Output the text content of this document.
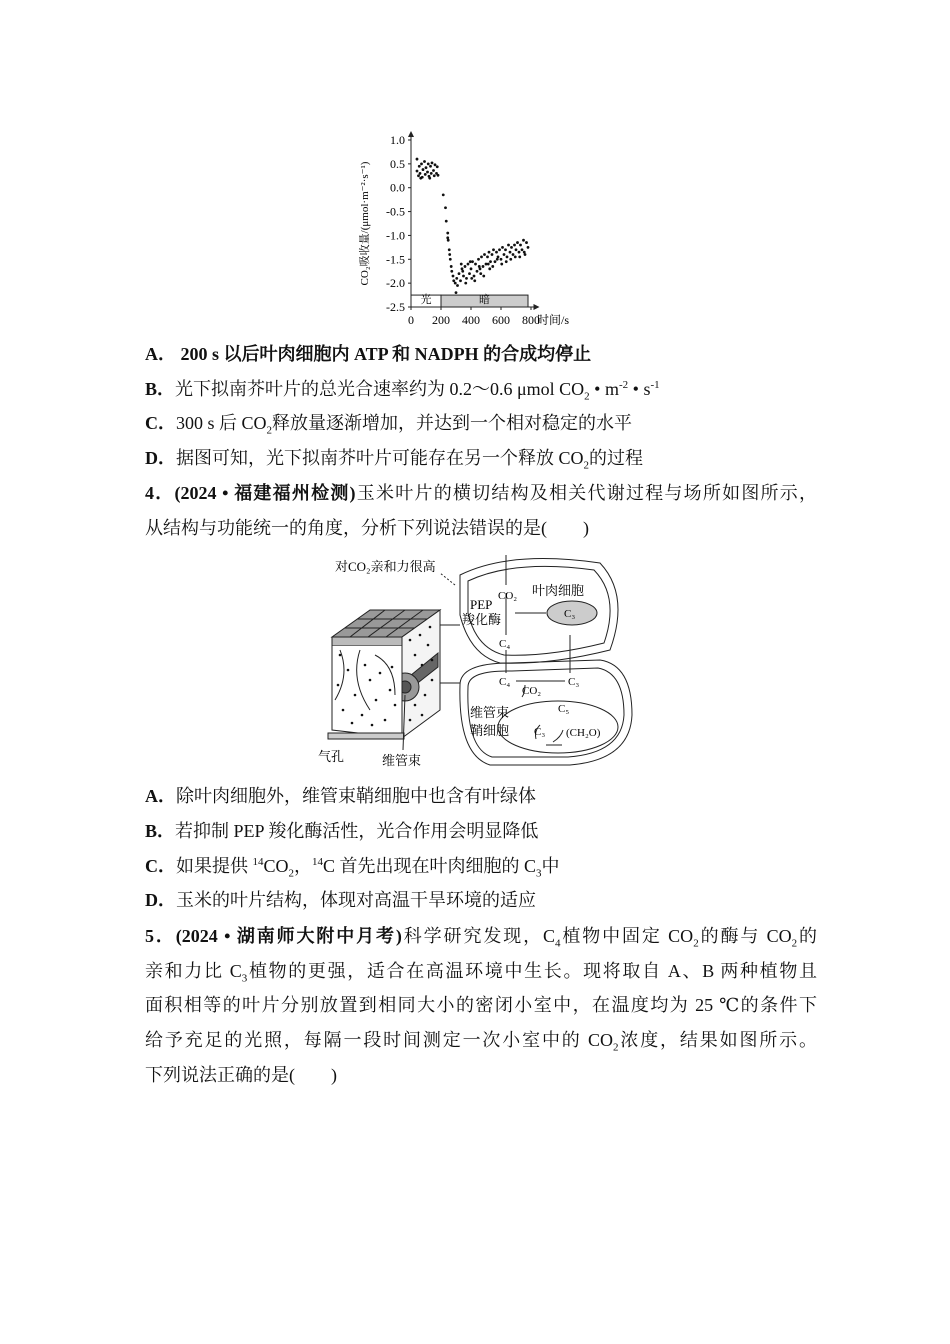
光	暗
1.0
0.5
0.0
-0.5
-1.0
-1.5
-2.0
-2.5
0 200 400 600 800
时间/s
CO₂吸收量/(μmol·m⁻²·s⁻¹)
A． 200 s 以后叶肉细胞内 ATP 和 NADPH 的合成均停止
B．光下拟南芥叶片的总光合速率约为 0.2～0.6 μmol $CO_2$ • $m^{-2}$ • $s^{-1}$
C．300 s 后 $CO_2$释放量逐渐增加，并达到一个相对稳定的水平
D．据图可知，光下拟南芥叶片可能存在另一个释放 $CO_2$的过程
4．(2024 • 福建福州检测)玉米叶片的横切结构及相关代谢过程与场所如图所示，
从结构与功能统一的角度，分析下列说法错误的是(　　)
对CO₂亲和力很高
CO₂ 叶肉细胞
C₃
PEP
羧化酶
C₄
C₄	C₃
CO₂
C₅
C₃ (CH₂O)
维管束
鞘细胞
气孔	维管束
A．除叶肉细胞外，维管束鞘细胞中也含有叶绿体
B．若抑制 PEP 羧化酶活性，光合作用会明显降低
C．如果提供 $^{14}CO_2$，$^{14}$C 首先出现在叶肉细胞的 $C_3$中
D．玉米的叶片结构，体现对高温干旱环境的适应
5．(2024 • 湖南师大附中月考)科学研究发现，$C_4$植物中固定 $CO_2$的酶与 $CO_2$的
亲和力比 $C_3$植物的更强，适合在高温环境中生长。现将取自 A、B 两种植物且
面积相等的叶片分别放置到相同大小的密闭小室中，在温度均为 25 ℃的条件下
给予充足的光照，每隔一段时间测定一次小室中的 $CO_2$浓度，结果如图所示。
下列说法正确的是(　　)
